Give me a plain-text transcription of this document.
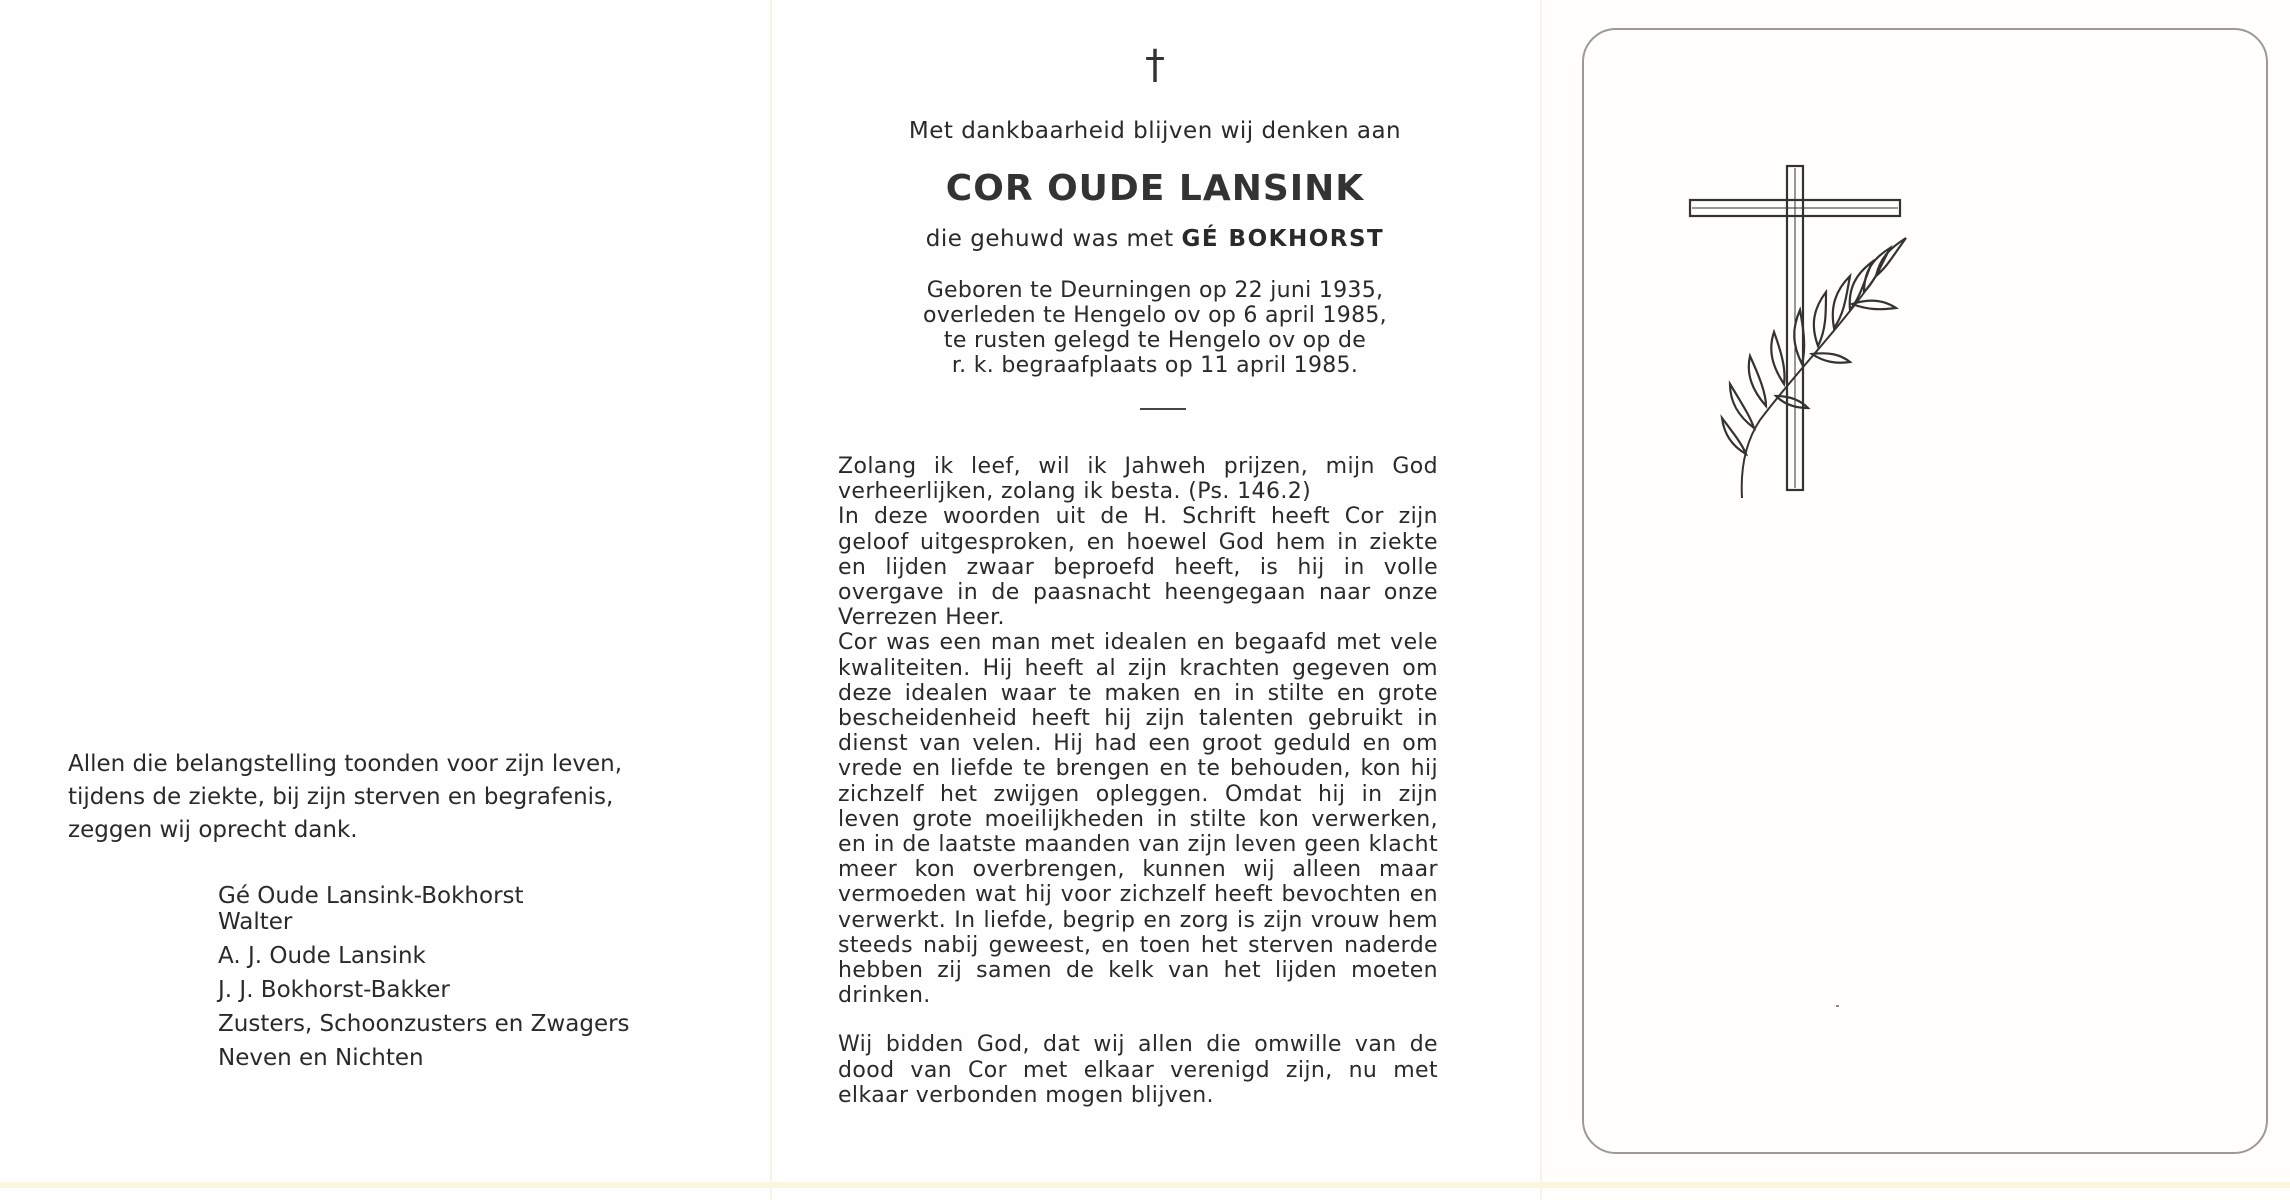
Allen die belangstelling toonden voor zijn leven,
tijdens de ziekte, bij zijn sterven en begrafenis,
zeggen wij oprecht dank.
Gé Oude Lansink-Bokhorst
Walter
A. J. Oude Lansink
J. J. Bokhorst-Bakker
Zusters, Schoonzusters en Zwagers
Neven en Nichten
†
Met dankbaarheid blijven wij denken aan
COR OUDE LANSINK
die gehuwd was met GÉ BOKHORST
Geboren te Deurningen op 22 juni 1935,
overleden te Hengelo ov op 6 april 1985,
te rusten gelegd te Hengelo ov op de
r. k. begraafplaats op 11 april 1985.

Zolang ik leef, wil ik Jahweh prijzen, mijn God verheerlijken, zolang ik besta. (Ps. 146.2)

In deze woorden uit de H. Schrift heeft Cor zijn geloof uitgesproken, en hoewel God hem in ziekte en lijden zwaar beproefd heeft, is hij in volle overgave in de paasnacht heengegaan naar onze Verrezen Heer.

Cor was een man met idealen en begaafd met vele kwaliteiten. Hij heeft al zijn krachten gegeven om deze idealen waar te maken en in stilte en grote bescheidenheid heeft hij zijn talenten gebruikt in dienst van velen. Hij had een groot geduld en om vrede en liefde te brengen en te behouden, kon hij zichzelf het zwijgen opleggen. Omdat hij in zijn leven grote moeilijkheden in stilte kon verwerken, en in de laatste maanden van zijn leven geen klacht meer kon overbrengen, kunnen wij alleen maar vermoeden wat hij voor zichzelf heeft bevochten en verwerkt. In liefde, begrip en zorg is zijn vrouw hem steeds nabij geweest, en toen het sterven naderde hebben zij samen de kelk van het lijden moeten drinken.

Wij bidden God, dat wij allen die omwille van de dood van Cor met elkaar verenigd zijn, nu met elkaar verbonden mogen blijven.
